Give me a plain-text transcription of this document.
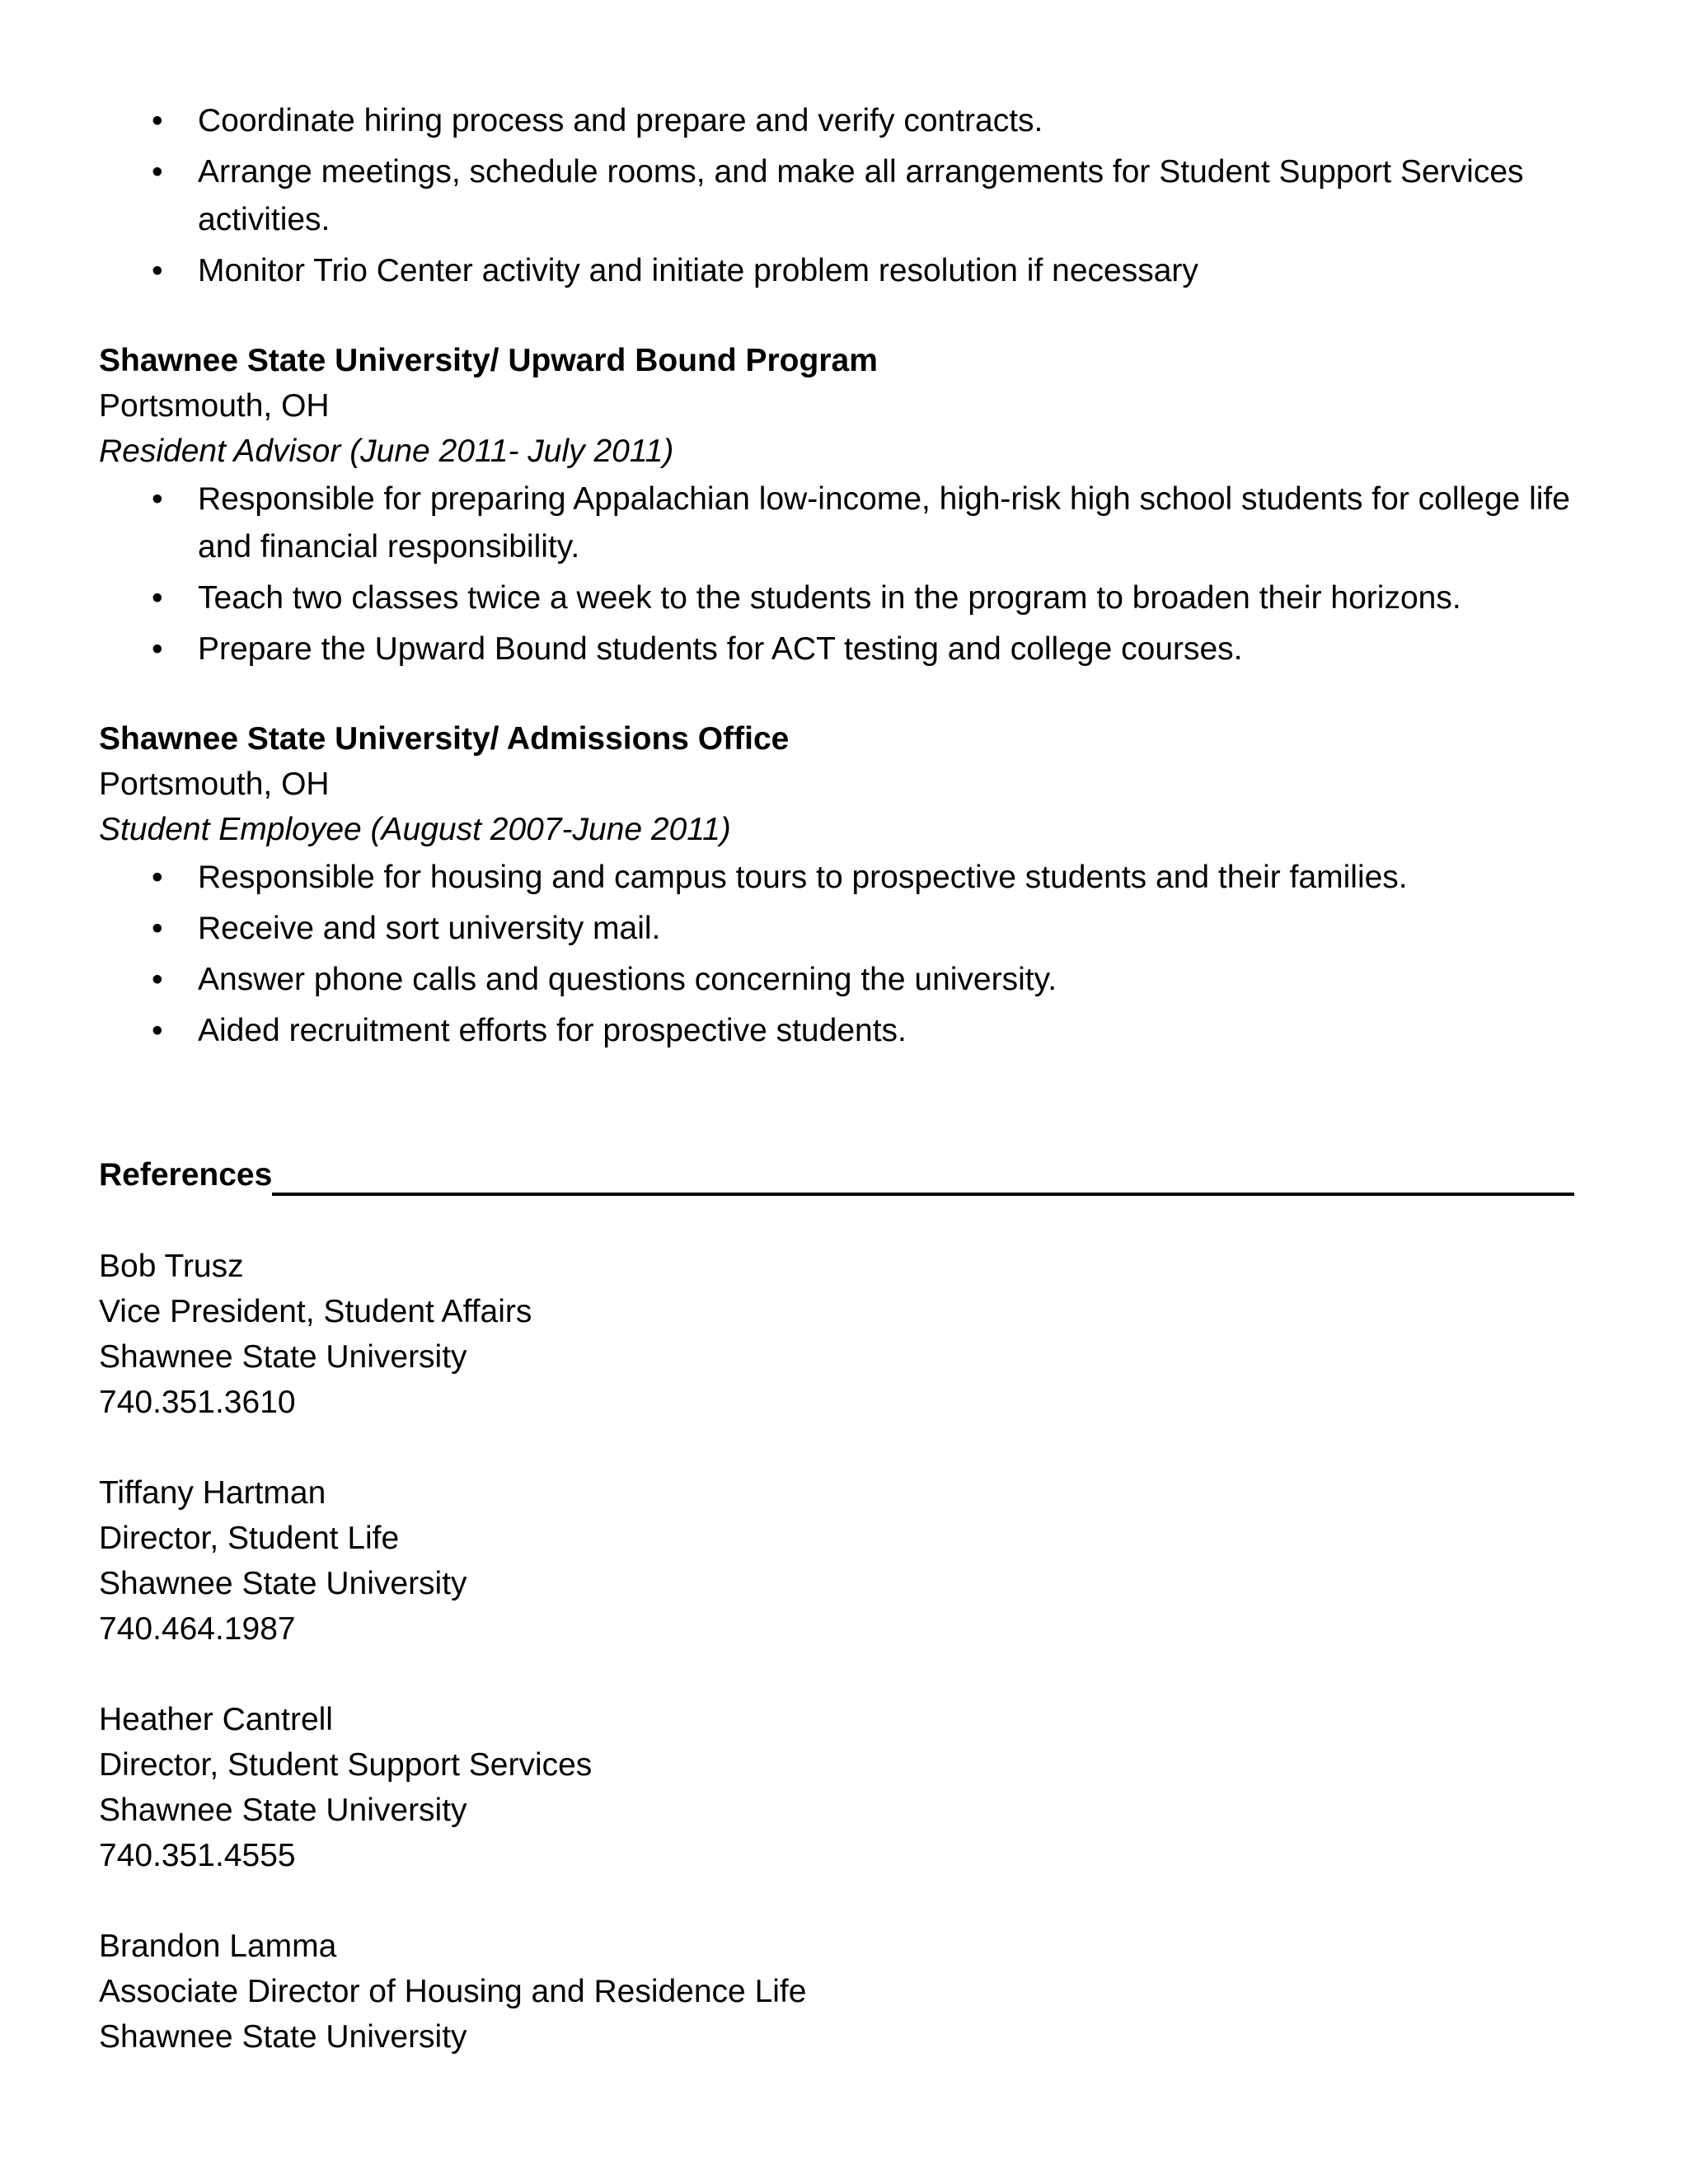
• Coordinate hiring process and prepare and verify contracts.
• Arrange meetings, schedule rooms, and make all arrangements for Student Support Services activities.
• Monitor Trio Center activity and initiate problem resolution if necessary
Shawnee State University/ Upward Bound Program
Portsmouth, OH
Resident Advisor (June 2011- July 2011)
• Responsible for preparing Appalachian low-income, high-risk high school students for college life and financial responsibility.
• Teach two classes twice a week to the students in the program to broaden their horizons.
• Prepare the Upward Bound students for ACT testing and college courses.
Shawnee State University/ Admissions Office
Portsmouth, OH
Student Employee (August 2007-June 2011)
• Responsible for housing and campus tours to prospective students and their families.
• Receive and sort university mail.
• Answer phone calls and questions concerning the university.
• Aided recruitment efforts for prospective students.
References
Bob Trusz
Vice President, Student Affairs
Shawnee State University
740.351.3610
Tiffany Hartman
Director, Student Life
Shawnee State University
740.464.1987
Heather Cantrell
Director, Student Support Services
Shawnee State University
740.351.4555
Brandon Lamma
Associate Director of Housing and Residence Life
Shawnee State University
